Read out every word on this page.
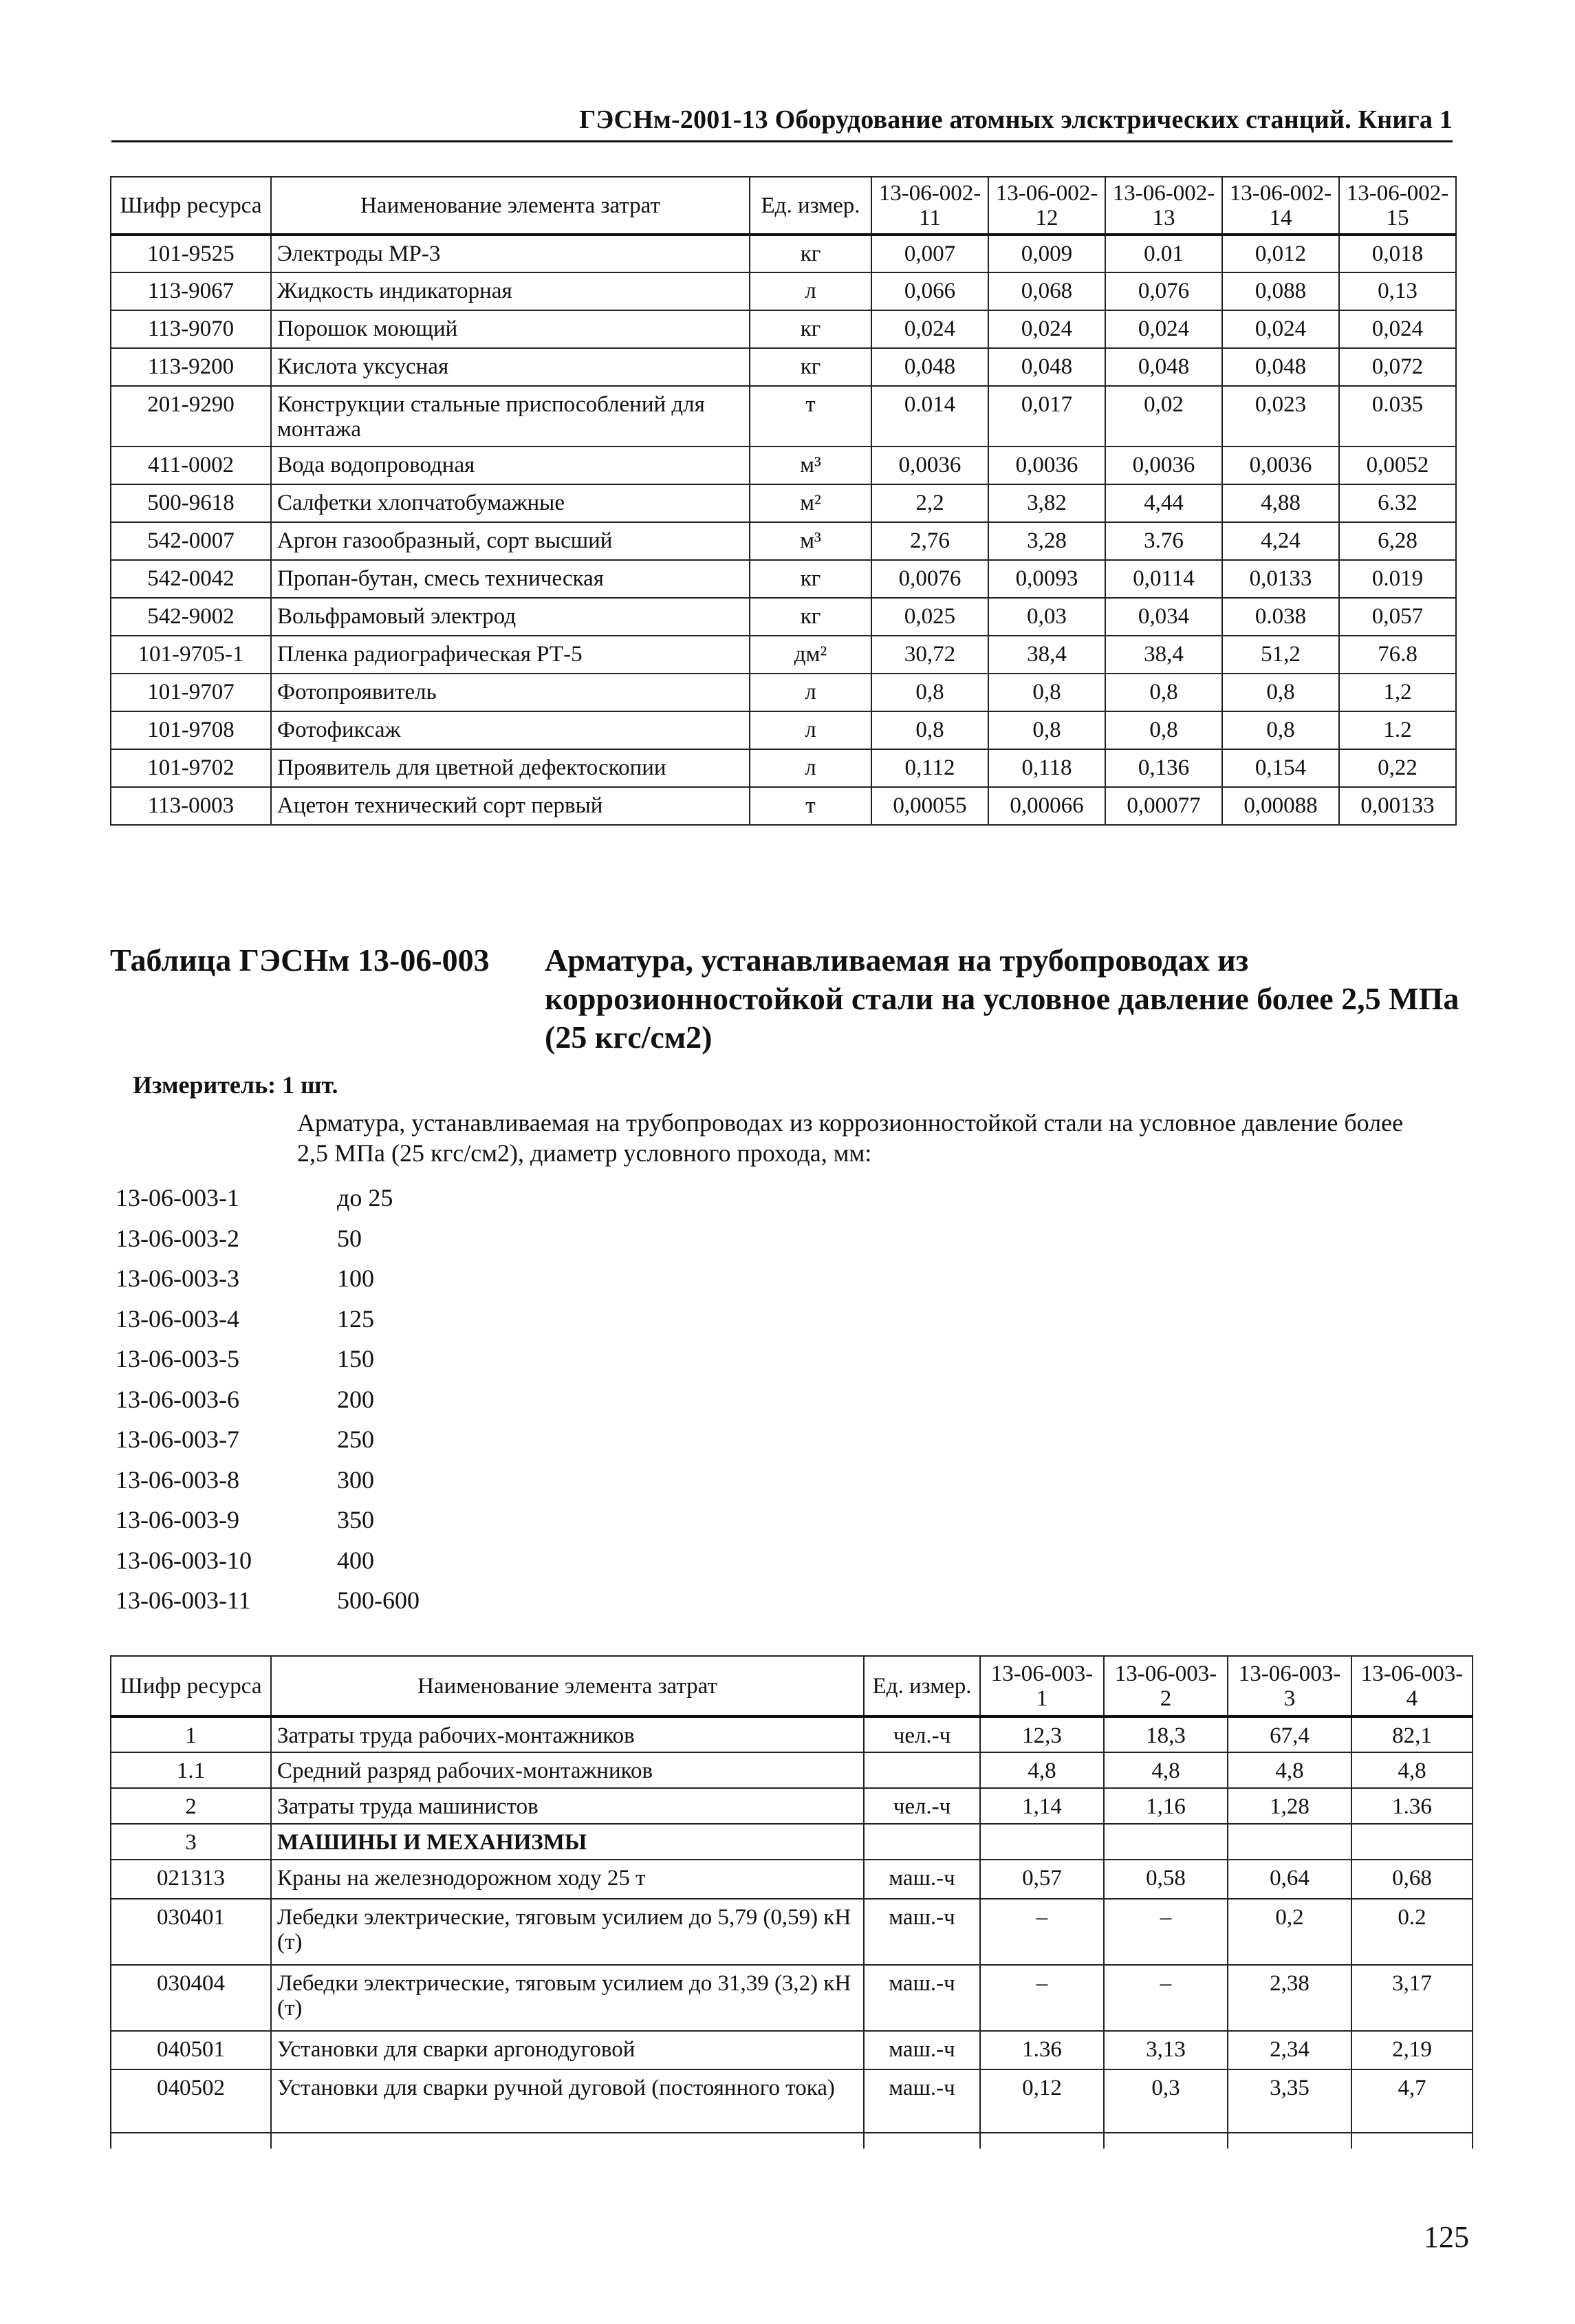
ГЭСНм-2001-13 Оборудование атомных элсктрических станций. Книга 1
Шифр ресурса	Наименование элемента затрат	Ед. измер.	13-06-002-11	13-06-002-12	13-06-002-13	13-06-002-14	13-06-002-15
101-9525	Электроды МР-3	кг	0,007	0,009	0.01	0,012	0,018
113-9067	Жидкость индикаторная	л	0,066	0,068	0,076	0,088	0,13
113-9070	Порошок моющий	кг	0,024	0,024	0,024	0,024	0,024
113-9200	Кислота уксусная	кг	0,048	0,048	0,048	0,048	0,072
201-9290	Конструкции стальные приспособлений для монтажа	т	0.014	0,017	0,02	0,023	0.035
411-0002	Вода водопроводная	м³	0,0036	0,0036	0,0036	0,0036	0,0052
500-9618	Салфетки хлопчатобумажные	м²	2,2	3,82	4,44	4,88	6.32
542-0007	Аргон газообразный, сорт высший	м³	2,76	3,28	3.76	4,24	6,28
542-0042	Пропан-бутан, смесь техническая	кг	0,0076	0,0093	0,0114	0,0133	0.019
542-9002	Вольфрамовый электрод	кг	0,025	0,03	0,034	0.038	0,057
101-9705-1	Пленка радиографическая РТ-5	дм²	30,72	38,4	38,4	51,2	76.8
101-9707	Фотопроявитель	л	0,8	0,8	0,8	0,8	1,2
101-9708	Фотофиксаж	л	0,8	0,8	0,8	0,8	1.2
101-9702	Проявитель для цветной дефектоскопии	л	0,112	0,118	0,136	0,154	0,22
113-0003	Ацетон технический сорт первый	т	0,00055	0,00066	0,00077	0,00088	0,00133
Таблица ГЭСНм 13-06-003 Арматура, устанавливаемая на трубопроводах из коррозионностойкой стали на условное давление более 2,5 МПа (25 кгс/см2)
Измеритель: 1 шт.
Арматура, устанавливаемая на трубопроводах из коррозионностойкой стали на условное давление более 2,5 МПа (25 кгс/см2), диаметр условного прохода, мм:
13-06-003-1	до 25
13-06-003-2	50
13-06-003-3	100
13-06-003-4	125
13-06-003-5	150
13-06-003-6	200
13-06-003-7	250
13-06-003-8	300
13-06-003-9	350
13-06-003-10	400
13-06-003-11	500-600
Шифр ресурса	Наименование элемента затрат	Ед. измер.	13-06-003-1	13-06-003-2	13-06-003-3	13-06-003-4
1	Затраты труда рабочих-монтажников	чел.-ч	12,3	18,3	67,4	82,1
1.1	Средний разряд рабочих-монтажников		4,8	4,8	4,8	4,8
2	Затраты труда машинистов	чел.-ч	1,14	1,16	1,28	1.36
3	МАШИНЫ И МЕХАНИЗМЫ					
021313	Краны на железнодорожном ходу 25 т	маш.-ч	0,57	0,58	0,64	0,68
030401	Лебедки электрические, тяговым усилием до 5,79 (0,59) кН (т)	маш.-ч	–	–	0,2	0.2
030404	Лебедки электрические, тяговым усилием до 31,39 (3,2) кН (т)	маш.-ч	–	–	2,38	3,17
040501	Установки для сварки аргонодуговой	маш.-ч	1.36	3,13	2,34	2,19
040502	Установки для сварки ручной дуговой (постоянного тока)	маш.-ч	0,12	0,3	3,35	4,7

125
